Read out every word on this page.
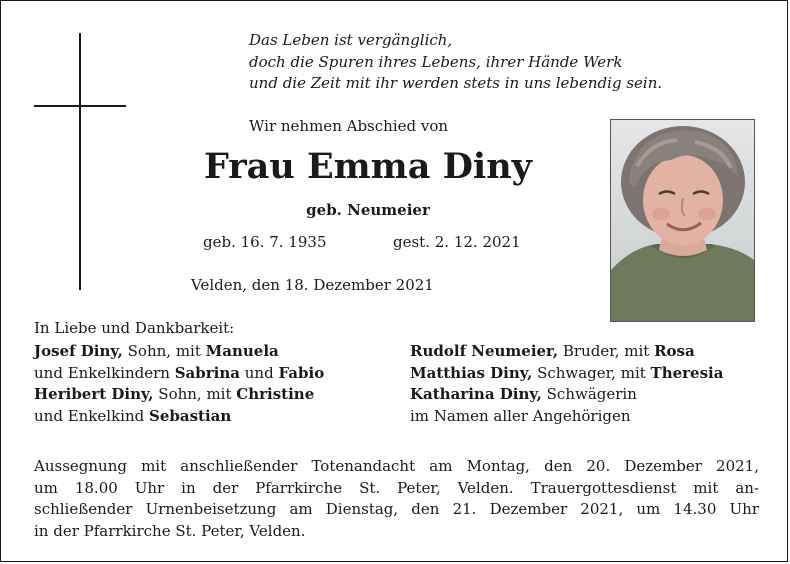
Das Leben ist vergänglich,
doch die Spuren ihres Lebens, ihrer Hände Werk
und die Zeit mit ihr werden stets in uns lebendig sein.
Wir nehmen Abschied von
Frau Emma Diny
geb. Neumeier
geb. 16. 7. 1935	gest. 2. 12. 2021
Velden, den 18. Dezember 2021
In Liebe und Dankbarkeit:
Josef Diny, Sohn, mit Manuela
und Enkelkindern Sabrina und Fabio
Heribert Diny, Sohn, mit Christine
und Enkelkind Sebastian
Rudolf Neumeier, Bruder, mit Rosa
Matthias Diny, Schwager, mit Theresia
Katharina Diny, Schwägerin
im Namen aller Angehörigen
Aussegnung mit anschließender Totenandacht am Montag, den 20. Dezember 2021,
um 18.00 Uhr in der Pfarrkirche St. Peter, Velden. Trauergottesdienst mit an-
schließender Urnenbeisetzung am Dienstag, den 21. Dezember 2021, um 14.30 Uhr
in der Pfarrkirche St. Peter, Velden.
